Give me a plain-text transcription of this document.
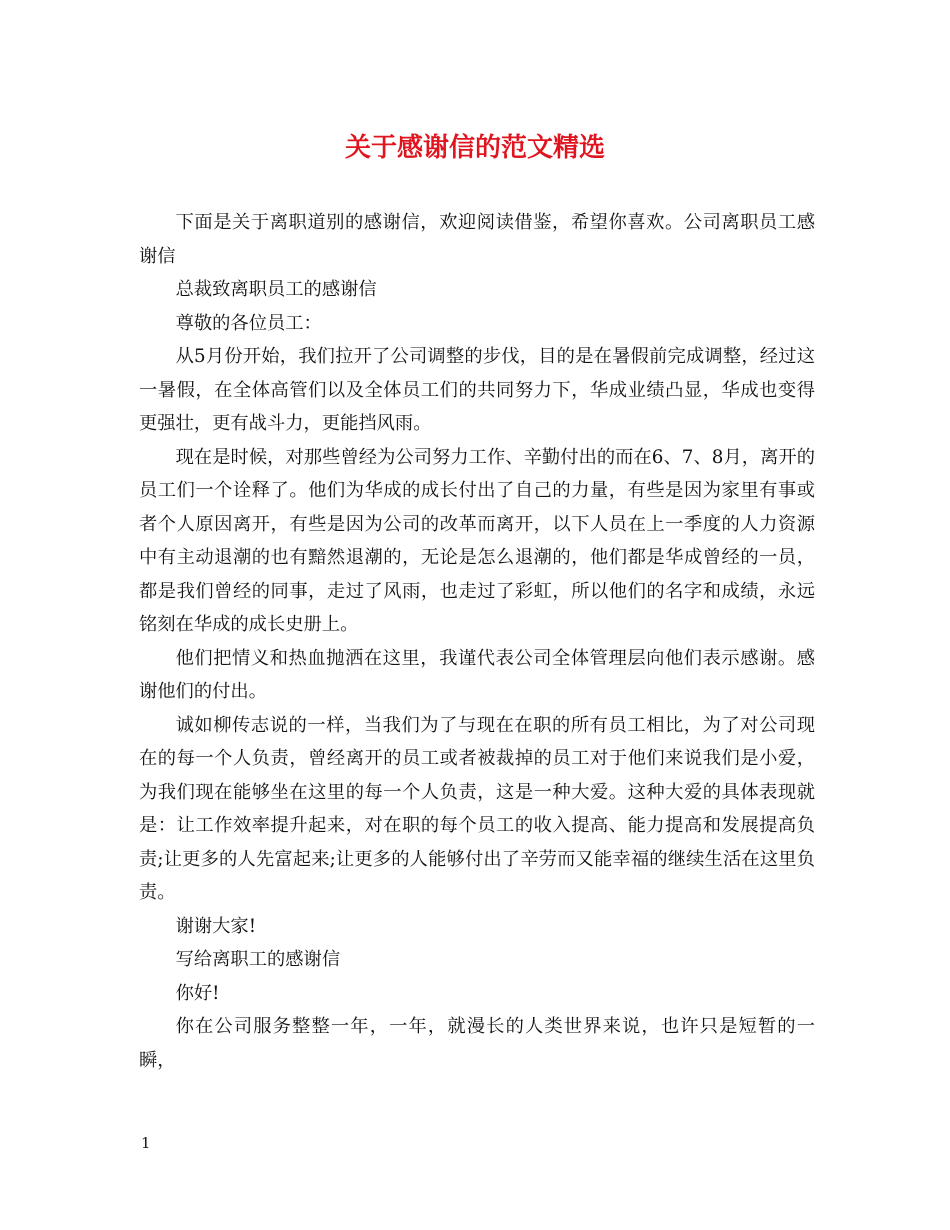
关于感谢信的范文精选

下面是关于离职道别的感谢信，欢迎阅读借鉴，希望你喜欢。公司离职员工感谢信

总裁致离职员工的感谢信

尊敬的各位员工：

从5月份开始，我们拉开了公司调整的步伐，目的是在暑假前完成调整，经过这一暑假，在全体高管们以及全体员工们的共同努力下，华成业绩凸显，华成也变得更强壮，更有战斗力，更能挡风雨。

现在是时候，对那些曾经为公司努力工作、辛勤付出的而在6、7、8月，离开的员工们一个诠释了。他们为华成的成长付出了自己的力量，有些是因为家里有事或者个人原因离开，有些是因为公司的改革而离开，以下人员在上一季度的人力资源中有主动退潮的也有黯然退潮的，无论是怎么退潮的，他们都是华成曾经的一员，都是我们曾经的同事，走过了风雨，也走过了彩虹，所以他们的名字和成绩，永远铭刻在华成的成长史册上。

他们把情义和热血抛洒在这里，我谨代表公司全体管理层向他们表示感谢。感谢他们的付出。

诚如柳传志说的一样，当我们为了与现在在职的所有员工相比，为了对公司现在的每一个人负责，曾经离开的员工或者被裁掉的员工对于他们来说我们是小爱，为我们现在能够坐在这里的每一个人负责，这是一种大爱。这种大爱的具体表现就是：让工作效率提升起来，对在职的每个员工的收入提高、能力提高和发展提高负责;让更多的人先富起来;让更多的人能够付出了辛劳而又能幸福的继续生活在这里负责。

谢谢大家!

写给离职工的感谢信

你好!

你在公司服务整整一年，一年，就漫长的人类世界来说，也许只是短暂的一瞬，

1
